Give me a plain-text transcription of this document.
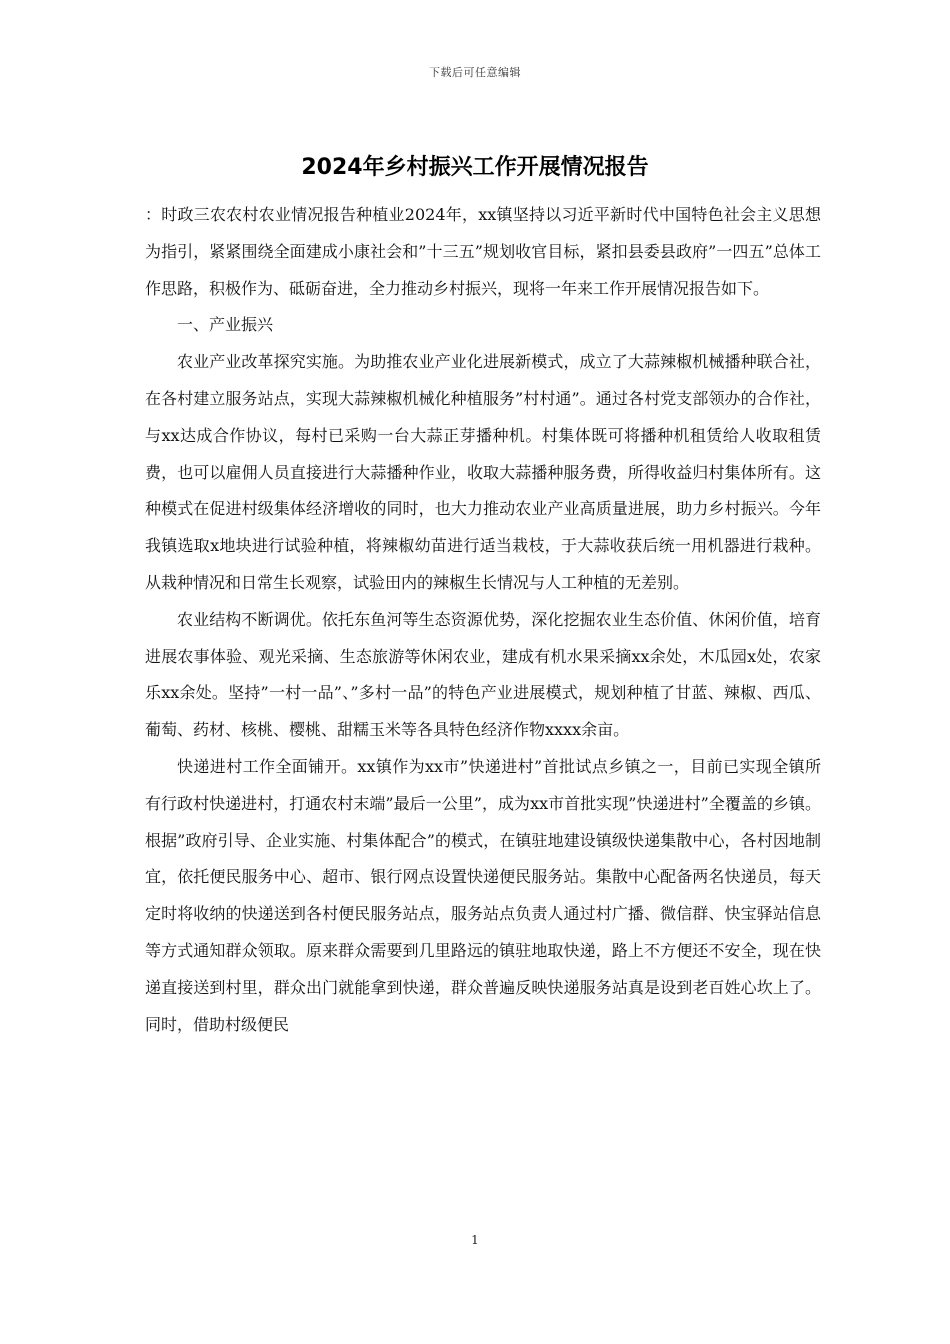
下载后可任意编辑
2024年乡村振兴工作开展情况报告

：时政三农农村农业情况报告种植业2024年，xx镇坚持以习近平新时代中国特色社会主义思想为指引，紧紧围绕全面建成小康社会和”十三五”规划收官目标，紧扣县委县政府”一四五”总体工作思路，积极作为、砥砺奋进，全力推动乡村振兴，现将一年来工作开展情况报告如下。

一、产业振兴

农业产业改革探究实施。为助推农业产业化进展新模式，成立了大蒜辣椒机械播种联合社，在各村建立服务站点，实现大蒜辣椒机械化种植服务”村村通”。通过各村党支部领办的合作社，与xx达成合作协议，每村已采购一台大蒜正芽播种机。村集体既可将播种机租赁给人收取租赁费，也可以雇佣人员直接进行大蒜播种作业，收取大蒜播种服务费，所得收益归村集体所有。这种模式在促进村级集体经济增收的同时，也大力推动农业产业高质量进展，助力乡村振兴。今年我镇选取x地块进行试验种植，将辣椒幼苗进行适当栽枝，于大蒜收获后统一用机器进行栽种。从栽种情况和日常生长观察，试验田内的辣椒生长情况与人工种植的无差别。

农业结构不断调优。依托东鱼河等生态资源优势，深化挖掘农业生态价值、休闲价值，培育进展农事体验、观光采摘、生态旅游等休闲农业，建成有机水果采摘xx余处，木瓜园x处，农家乐xx余处。坚持”一村一品”、”多村一品”的特色产业进展模式，规划种植了甘蓝、辣椒、西瓜、葡萄、药材、核桃、樱桃、甜糯玉米等各具特色经济作物xxxx余亩。

快递进村工作全面铺开。xx镇作为xx市”快递进村”首批试点乡镇之一，目前已实现全镇所有行政村快递进村，打通农村末端”最后一公里”，成为xx市首批实现”快递进村”全覆盖的乡镇。根据”政府引导、企业实施、村集体配合”的模式，在镇驻地建设镇级快递集散中心，各村因地制宜，依托便民服务中心、超市、银行网点设置快递便民服务站。集散中心配备两名快递员，每天定时将收纳的快递送到各村便民服务站点，服务站点负责人通过村广播、微信群、快宝驿站信息等方式通知群众领取。原来群众需要到几里路远的镇驻地取快递，路上不方便还不安全，现在快递直接送到村里，群众出门就能拿到快递，群众普遍反映快递服务站真是设到老百姓心坎上了。同时，借助村级便民

1
